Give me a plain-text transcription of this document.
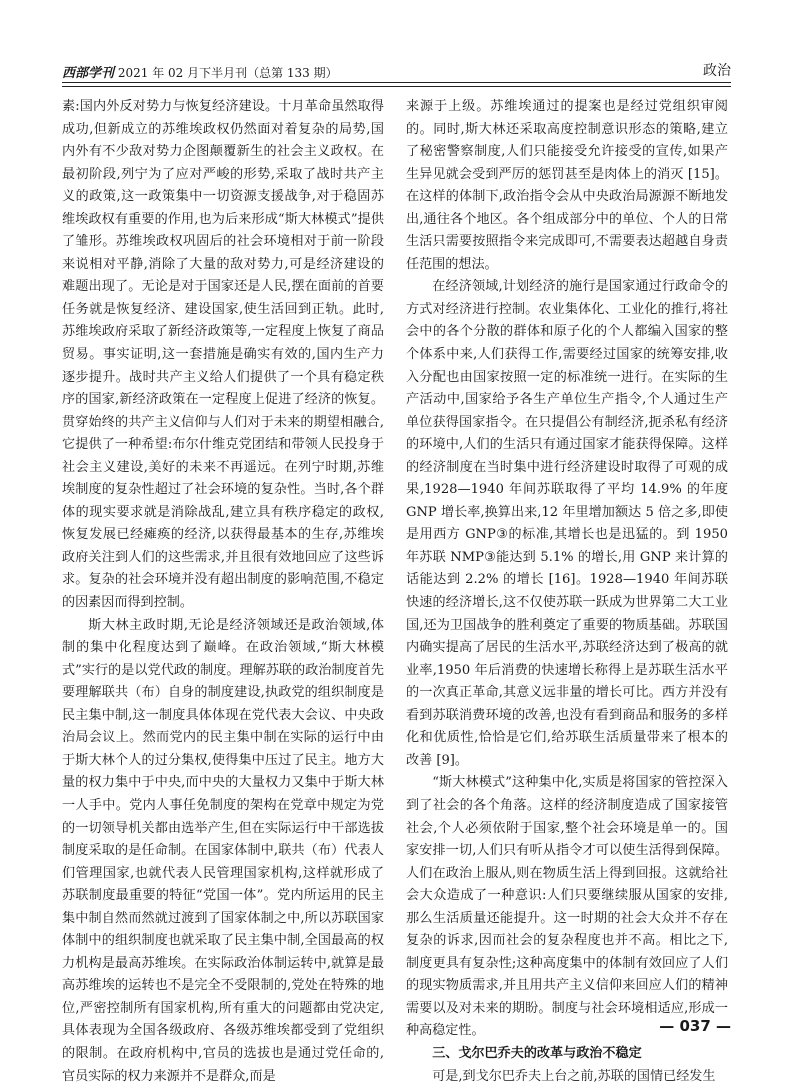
西部学刊 2021 年 02 月下半月刊（总第 133 期）	政治

素:国内外反对势力与恢复经济建设。十月革命虽然取得成功,但新成立的苏维埃政权仍然面对着复杂的局势,国内外有不少敌对势力企图颠覆新生的社会主义政权。在最初阶段,列宁为了应对严峻的形势,采取了战时共产主义的政策,这一政策集中一切资源支援战争,对于稳固苏维埃政权有重要的作用,也为后来形成“斯大林模式”提供了雏形。苏维埃政权巩固后的社会环境相对于前一阶段来说相对平静,消除了大量的敌对势力,可是经济建设的难题出现了。无论是对于国家还是人民,摆在面前的首要任务就是恢复经济、建设国家,使生活回到正轨。此时,苏维埃政府采取了新经济政策等,一定程度上恢复了商品贸易。事实证明,这一套措施是确实有效的,国内生产力逐步提升。战时共产主义给人们提供了一个具有稳定秩序的国家,新经济政策在一定程度上促进了经济的恢复。贯穿始终的共产主义信仰与人们对于未来的期望相融合,它提供了一种希望:布尔什维克党团结和带领人民投身于社会主义建设,美好的未来不再遥远。在列宁时期,苏维埃制度的复杂性超过了社会环境的复杂性。当时,各个群体的现实要求就是消除战乱,建立具有秩序稳定的政权,恢复发展已经瘫痪的经济,以获得最基本的生存,苏维埃政府关注到人们的这些需求,并且很有效地回应了这些诉求。复杂的社会环境并没有超出制度的影响范围,不稳定的因素因而得到控制。

斯大林主政时期,无论是经济领域还是政治领域,体制的集中化程度达到了巅峰。在政治领域,“斯大林模式”实行的是以党代政的制度。理解苏联的政治制度首先要理解联共（布）自身的制度建设,执政党的组织制度是民主集中制,这一制度具体体现在党代表大会议、中央政治局会议上。然而党内的民主集中制在实际的运行中由于斯大林个人的过分集权,使得集中压过了民主。地方大量的权力集中于中央,而中央的大量权力又集中于斯大林一人手中。党内人事任免制度的架构在党章中规定为党的一切领导机关都由选举产生,但在实际运行中干部选拔制度采取的是任命制。在国家体制中,联共（布）代表人们管理国家,也就代表人民管理国家机构,这样就形成了苏联制度最重要的特征“党国一体”。党内所运用的民主集中制自然而然就过渡到了国家体制之中,所以苏联国家体制中的组织制度也就采取了民主集中制,全国最高的权力机构是最高苏维埃。在实际政治体制运转中,就算是最高苏维埃的运转也不是完全不受限制的,党处在特殊的地位,严密控制所有国家机构,所有重大的问题都由党决定,具体表现为全国各级政府、各级苏维埃都受到了党组织的限制。在政府机构中,官员的选拔也是通过党任命的,官员实际的权力来源并不是群众,而是

来源于上级。苏维埃通过的提案也是经过党组织审阅的。同时,斯大林还采取高度控制意识形态的策略,建立了秘密警察制度,人们只能接受允许接受的宣传,如果产生异见就会受到严厉的惩罚甚至是肉体上的消灭 [15]。在这样的体制下,政治指令会从中央政治局源源不断地发出,通往各个地区。各个组成部分中的单位、个人的日常生活只需要按照指令来完成即可,不需要表达超越自身责任范围的想法。

在经济领域,计划经济的施行是国家通过行政命令的方式对经济进行控制。农业集体化、工业化的推行,将社会中的各个分散的群体和原子化的个人都编入国家的整个体系中来,人们获得工作,需要经过国家的统筹安排,收入分配也由国家按照一定的标准统一进行。在实际的生产活动中,国家给予各生产单位生产指令,个人通过生产单位获得国家指令。在只提倡公有制经济,扼杀私有经济的环境中,人们的生活只有通过国家才能获得保障。这样的经济制度在当时集中进行经济建设时取得了可观的成果,1928—1940 年间苏联取得了平均 14.9% 的年度 GNP 增长率,换算出来,12 年里增加额达 5 倍之多,即使是用西方 GNP③的标准,其增长也是迅猛的。到 1950 年苏联 NMP③能达到 5.1% 的增长,用 GNP 来计算的话能达到 2.2% 的增长 [16]。1928—1940 年间苏联快速的经济增长,这不仅使苏联一跃成为世界第二大工业国,还为卫国战争的胜利奠定了重要的物质基础。苏联国内确实提高了居民的生活水平,苏联经济达到了极高的就业率,1950 年后消费的快速增长称得上是苏联生活水平的一次真正革命,其意义远非量的增长可比。西方并没有看到苏联消费环境的改善,也没有看到商品和服务的多样化和优质性,恰恰是它们,给苏联生活质量带来了根本的改善 [9]。

“斯大林模式”这种集中化,实质是将国家的管控深入到了社会的各个角落。这样的经济制度造成了国家接管社会,个人必须依附于国家,整个社会环境是单一的。国家安排一切,人们只有听从指令才可以使生活得到保障。人们在政治上服从,则在物质生活上得到回报。这就给社会大众造成了一种意识:人们只要继续服从国家的安排,那么生活质量还能提升。这一时期的社会大众并不存在复杂的诉求,因而社会的复杂程度也并不高。相比之下,制度更具有复杂性;这种高度集中的体制有效回应了人们的现实物质需求,并且用共产主义信仰来回应人们的精神需要以及对未来的期盼。制度与社会环境相适应,形成一种高稳定性。

三、戈尔巴乔夫的改革与政治不稳定

可是,到戈尔巴乔夫上台之前,苏联的国情已经发生

— 037 —
